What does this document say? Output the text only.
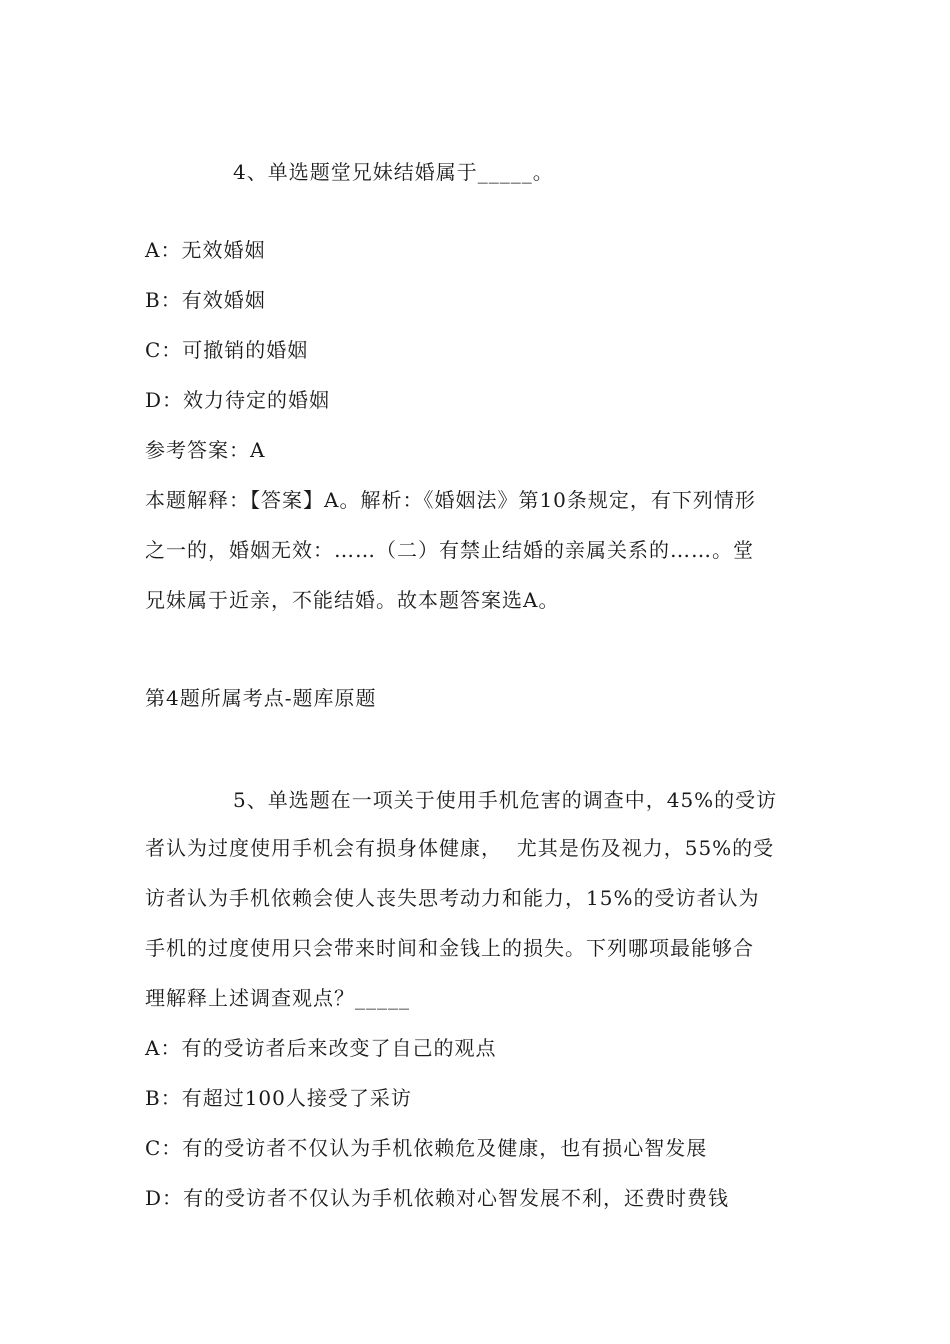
4、单选题堂兄妹结婚属于_____。
A：无效婚姻
B：有效婚姻
C：可撤销的婚姻
D：效力待定的婚姻
参考答案：A
本题解释：【答案】A。解析：《婚姻法》第10条规定，有下列情形
之一的，婚姻无效：……（二）有禁止结婚的亲属关系的……。堂
兄妹属于近亲，不能结婚。故本题答案选A。
第4题所属考点-题库原题
5、单选题在一项关于使用手机危害的调查中，45%的受访
者认为过度使用手机会有损身体健康，  尤其是伤及视力，55%的受
访者认为手机依赖会使人丧失思考动力和能力，15%的受访者认为
手机的过度使用只会带来时间和金钱上的损失。下列哪项最能够合
理解释上述调查观点？_____
A：有的受访者后来改变了自己的观点
B：有超过100人接受了采访
C：有的受访者不仅认为手机依赖危及健康，也有损心智发展
D：有的受访者不仅认为手机依赖对心智发展不利，还费时费钱
